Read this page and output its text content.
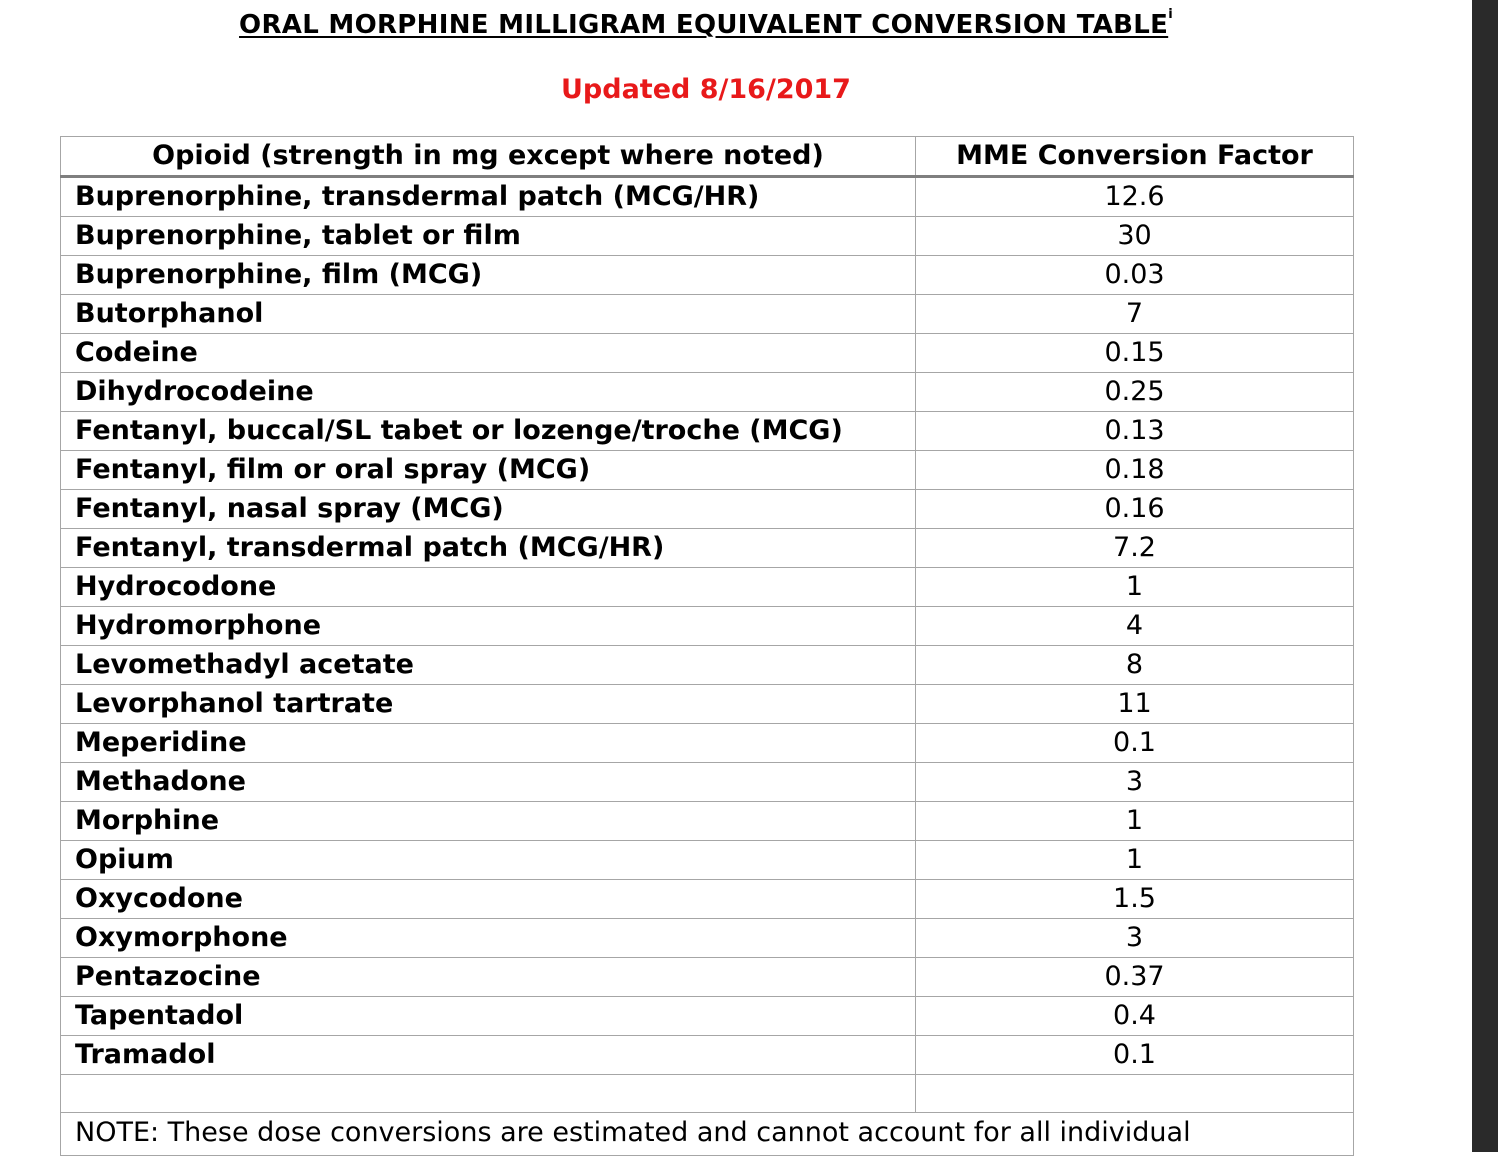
ORAL MORPHINE MILLIGRAM EQUIVALENT CONVERSION TABLE$^i$
Updated 8/16/2017
Opioid (strength in mg except where noted)	MME Conversion Factor
Buprenorphine, transdermal patch (MCG/HR)	12.6
Buprenorphine, tablet or film	30
Buprenorphine, film (MCG)	0.03
Butorphanol	7
Codeine	0.15
Dihydrocodeine	0.25
Fentanyl, buccal/SL tabet or lozenge/troche (MCG)	0.13
Fentanyl, film or oral spray (MCG)	0.18
Fentanyl, nasal spray (MCG)	0.16
Fentanyl, transdermal patch (MCG/HR)	7.2
Hydrocodone	1
Hydromorphone	4
Levomethadyl acetate	8
Levorphanol tartrate	11
Meperidine	0.1
Methadone	3
Morphine	1
Opium	1
Oxycodone	1.5
Oxymorphone	3
Pentazocine	0.37
Tapentadol	0.4
Tramadol	0.1

NOTE: These dose conversions are estimated and cannot account for all individual	
